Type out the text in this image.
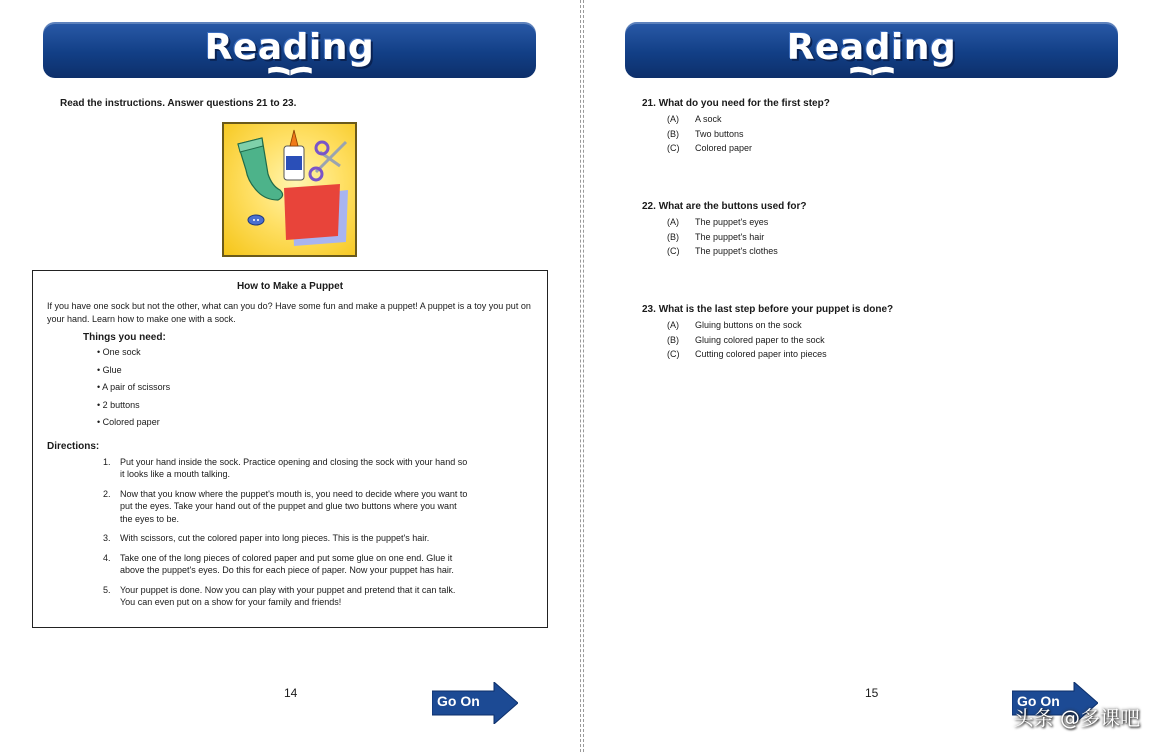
Reading
Read the instructions. Answer questions 21 to 23.
How to Make a Puppet

If you have one sock but not the other, what can you do? Have some fun and make a puppet! A puppet is a toy you put on your hand. Learn how to make one with a sock.

Things you need:
• One sock
• Glue
• A pair of scissors
• 2 buttons
• Colored paper
Directions:
1.	Put your hand inside the sock. Practice opening and closing the sock with your hand so it looks like a mouth talking.
2.	Now that you know where the puppet's mouth is, you need to decide where you want to put the eyes. Take your hand out of the puppet and glue two buttons where you want the eyes to be.
3.	With scissors, cut the colored paper into long pieces. This is the puppet's hair.
4.	Take one of the long pieces of colored paper and put some glue on one end. Glue it above the puppet's eyes. Do this for each piece of paper. Now your puppet has hair.
5.	Your puppet is done. Now you can play with your puppet and pretend that it can talk. You can even put on a show for your family and friends!
14	Go On
Reading
21. What do you need for the first step?
(A)	A sock
(B)	Two buttons
(C)	Colored paper
22. What are the buttons used for?
(A)	The puppet's eyes
(B)	The puppet's hair
(C)	The puppet's clothes
23. What is the last step before your puppet is done?
(A)	Gluing buttons on the sock
(B)	Gluing colored paper to the sock
(C)	Cutting colored paper into pieces
15	Go On
头条 @多课吧
